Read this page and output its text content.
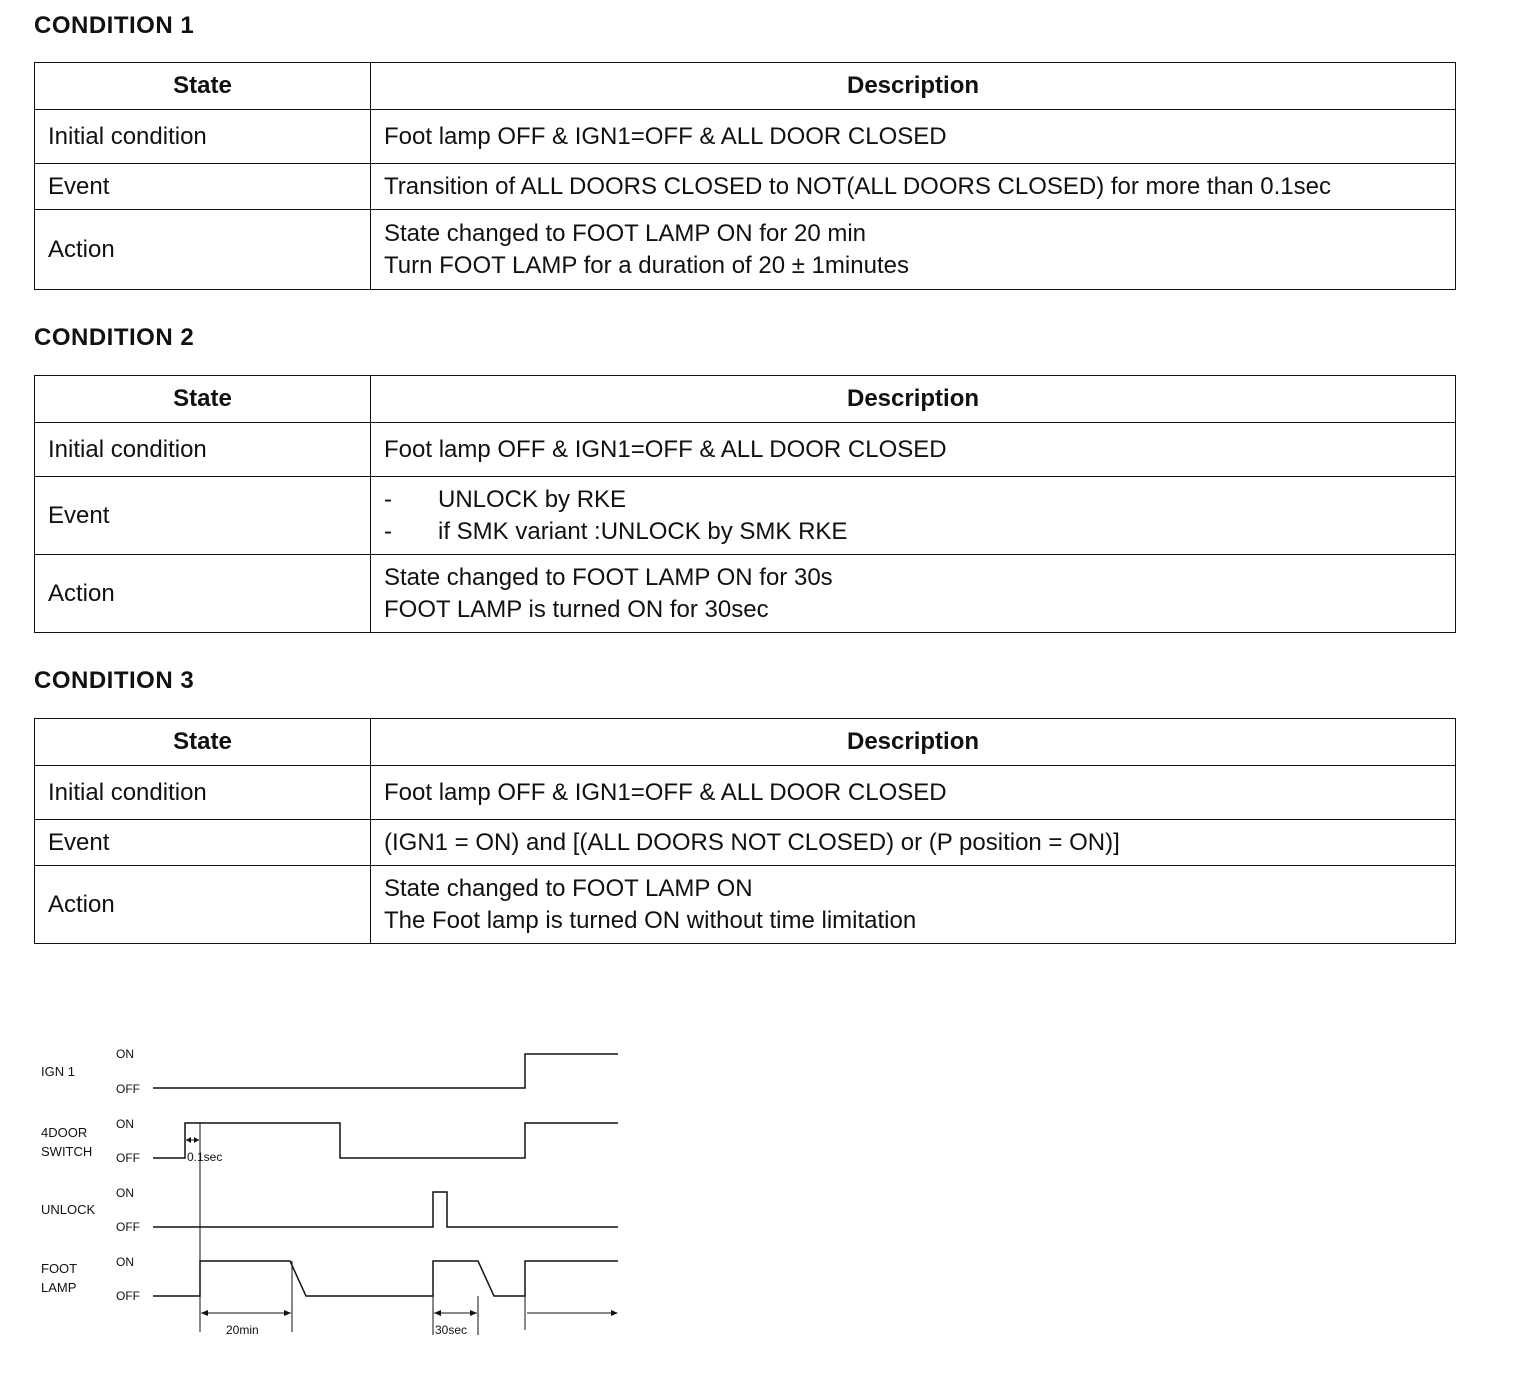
CONDITION 1
State	Description
Initial condition	Foot lamp OFF & IGN1=OFF & ALL DOOR CLOSED

Event	Transition of ALL DOORS CLOSED to NOT(ALL DOORS CLOSED) for more than 0.1sec

Action	State changed to FOOT LAMP ON for 20 min
Turn FOOT LAMP for a duration of 20 ± 1minutes
CONDITION 2
State	Description
Initial condition	Foot lamp OFF & IGN1=OFF & ALL DOOR CLOSED

Event	- UNLOCK by RKE
- if SMK variant :UNLOCK by SMK RKE

Action	State changed to FOOT LAMP ON for 30s
FOOT LAMP is turned ON for 30sec
CONDITION 3
State	Description
Initial condition	Foot lamp OFF & IGN1=OFF & ALL DOOR CLOSED

Event	(IGN1 = ON) and [(ALL DOORS NOT CLOSED) or (P position = ON)]

Action	State changed to FOOT LAMP ON
The Foot lamp is turned ON without time limitation
IGN 1
4DOOR
SWITCH
UNLOCK
FOOT
LAMP
ON
OFF
ON
OFF
ON
OFF
ON
OFF
0.1sec
20min	30sec
